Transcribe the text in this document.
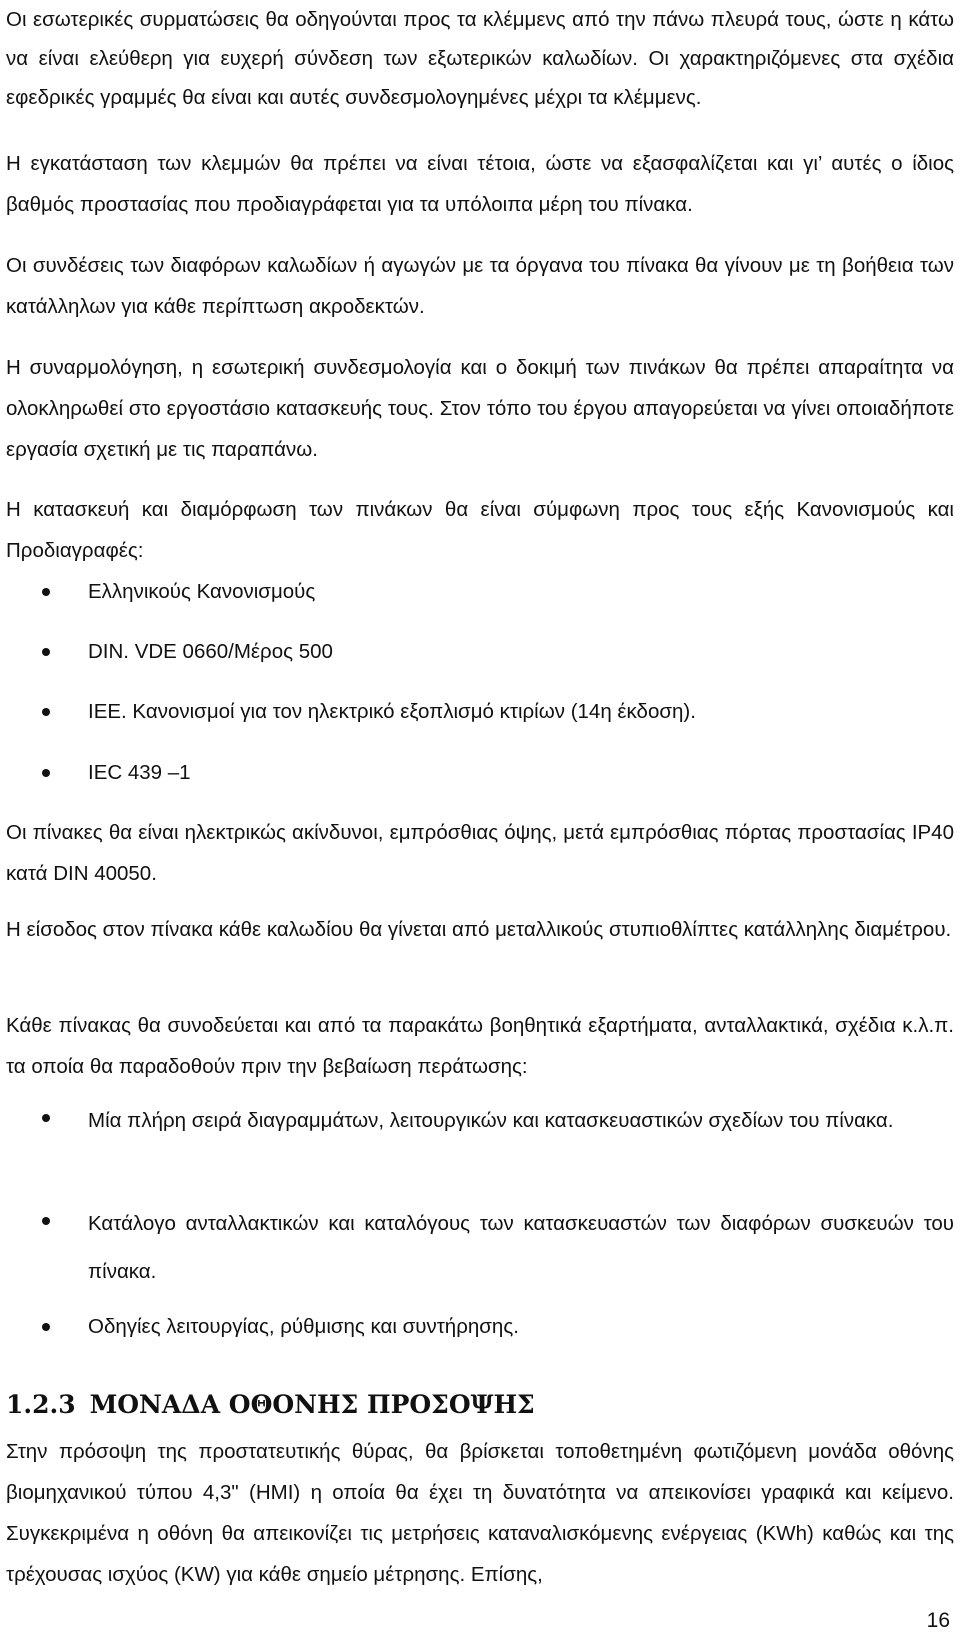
Οι εσωτερικές συρματώσεις θα οδηγούνται προς τα κλέμμενς από την πάνω πλευρά τους, ώστε η κάτω να είναι ελεύθερη για ευχερή σύνδεση των εξωτερικών καλωδίων. Οι χαρακτηριζόμενες στα σχέδια εφεδρικές γραμμές θα είναι και αυτές συνδεσμολογημένες μέχρι τα κλέμμενς.

Η εγκατάσταση των κλεμμών θα πρέπει να είναι τέτοια, ώστε να εξασφαλίζεται και γι’ αυτές ο ίδιος βαθμός προστασίας που προδιαγράφεται για τα υπόλοιπα μέρη του πίνακα.

Οι συνδέσεις των διαφόρων καλωδίων ή αγωγών με τα όργανα του πίνακα θα γίνουν με τη βοήθεια των κατάλληλων για κάθε περίπτωση ακροδεκτών.

Η συναρμολόγηση, η εσωτερική συνδεσμολογία και ο δοκιμή των πινάκων θα πρέπει απαραίτητα να ολοκληρωθεί στο εργοστάσιο κατασκευής τους. Στον τόπο του έργου απαγορεύεται να γίνει οποιαδήποτε εργασία σχετική με τις παραπάνω.

Η κατασκευή και διαμόρφωση των πινάκων θα είναι σύμφωνη προς τους εξής Κανονισμούς και Προδιαγραφές:

Ελληνικούς Κανονισμούς
DIN. VDE 0660/Μέρος 500
IEE. Κανονισμοί για τον ηλεκτρικό εξοπλισμό κτιρίων (14η έκδοση).
IEC 439 –1

Οι πίνακες θα είναι ηλεκτρικώς ακίνδυνοι, εμπρόσθιας όψης, μετά εμπρόσθιας πόρτας προστασίας IP40 κατά DIN 40050.

Η είσοδος στον πίνακα κάθε καλωδίου θα γίνεται από μεταλλικούς στυπιοθλίπτες κατάλληλης διαμέτρου.

Κάθε πίνακας θα συνοδεύεται και από τα παρακάτω βοηθητικά εξαρτήματα, ανταλλακτικά, σχέδια κ.λ.π. τα οποία θα παραδοθούν πριν την βεβαίωση περάτωσης:

Μία πλήρη σειρά διαγραμμάτων, λειτουργικών και κατασκευαστικών σχεδίων του πίνακα.
Κατάλογο ανταλλακτικών και καταλόγους των κατασκευαστών των διαφόρων συσκευών του πίνακα.
Οδηγίες λειτουργίας, ρύθμισης και συντήρησης.
1.2.3 ΜΟΝΑΔΑ ΟΘΟΝΗΣ ΠΡΟΣΟΨΗΣ

Στην πρόσοψη της προστατευτικής θύρας, θα βρίσκεται τοποθετημένη φωτιζόμενη μονάδα οθόνης βιομηχανικού τύπου 4,3" (HMI) η οποία θα έχει τη δυνατότητα να απεικονίσει γραφικά και κείμενο. Συγκεκριμένα η οθόνη θα απεικονίζει τις μετρήσεις καταναλισκόμενης ενέργειας (KWh) καθώς και της τρέχουσας ισχύος (KW) για κάθε σημείο μέτρησης. Επίσης,

16
